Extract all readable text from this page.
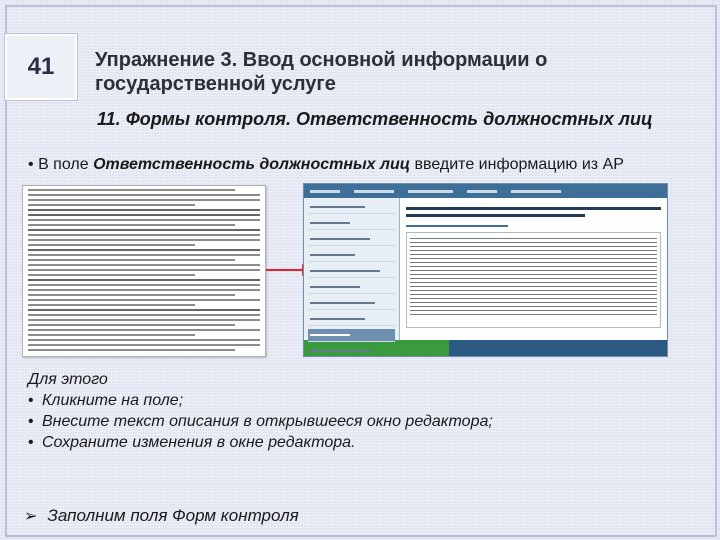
41	Упражнение 3. Ввод основной информации о государственной услуге
11. Формы контроля. Ответственность должностных лиц
• В поле Ответственность должностных лиц введите информацию из АР
Для этого
• Кликните на поле;
• Внесите текст описания в открывшееся окно редактора;
• Сохраните изменения в окне редактора.
➢ Заполним поля Форм контроля
